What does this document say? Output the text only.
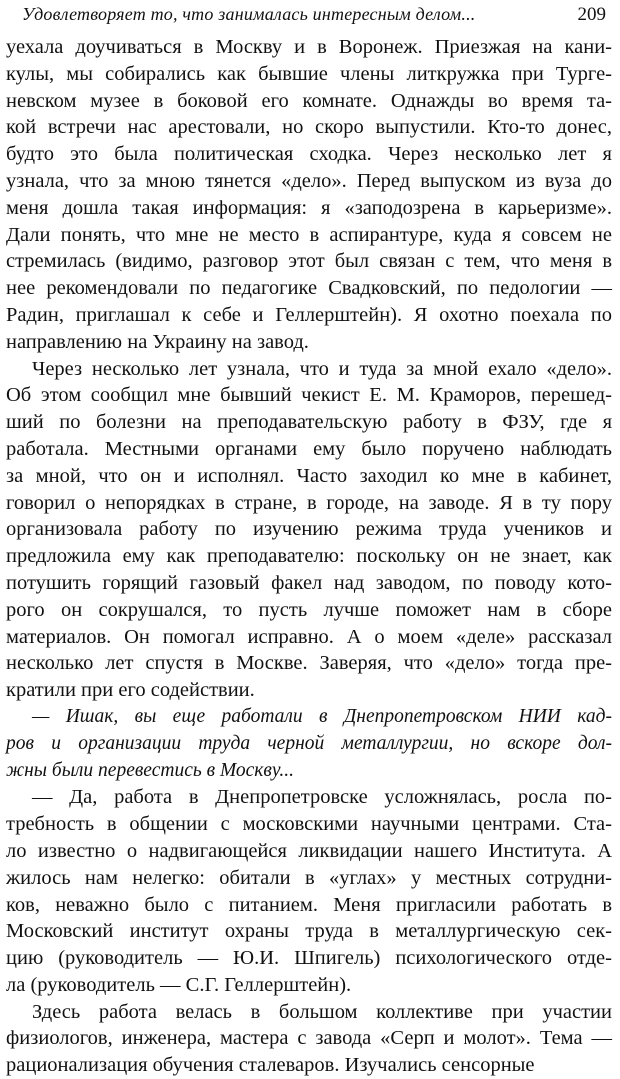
Удовлетворяет то, что занималась интересным делом...	209
уехала доучиваться в Москву и в Воронеж. Приезжая на кани-
кулы, мы собирались как бывшие члены литкружка при Турге-
невском музее в боковой его комнате. Однажды во время та-
кой встречи нас арестовали, но скоро выпустили. Кто-то донес,
будто это была политическая сходка. Через несколько лет я
узнала, что за мною тянется «дело». Перед выпуском из вуза до
меня дошла такая информация: я «заподозрена в карьеризме».
Дали понять, что мне не место в аспирантуре, куда я совсем не
стремилась (видимо, разговор этот был связан с тем, что меня в
нее рекомендовали по педагогике Свадковский, по педологии —
Радин, приглашал к себе и Геллерштейн). Я охотно поехала по
направлению на Украину на завод.
Через несколько лет узнала, что и туда за мной ехало «дело».
Об этом сообщил мне бывший чекист Е. М. Краморов, перешед-
ший по болезни на преподавательскую работу в ФЗУ, где я
работала. Местными органами ему было поручено наблюдать
за мной, что он и исполнял. Часто заходил ко мне в кабинет,
говорил о непорядках в стране, в городе, на заводе. Я в ту пору
организовала работу по изучению режима труда учеников и
предложила ему как преподавателю: поскольку он не знает, как
потушить горящий газовый факел над заводом, по поводу кото-
рого он сокрушался, то пусть лучше поможет нам в сборе
материалов. Он помогал исправно. А о моем «деле» рассказал
несколько лет спустя в Москве. Заверяя, что «дело» тогда пре-
кратили при его содействии.
— Ишак, вы еще работали в Днепропетровском НИИ кад-
ров и организации труда черной металлургии, но вскоре дол-
жны были перевестись в Москву...
— Да, работа в Днепропетровске усложнялась, росла по-
требность в общении с московскими научными центрами. Ста-
ло известно о надвигающейся ликвидации нашего Института. А
жилось нам нелегко: обитали в «углах» у местных сотрудни-
ков, неважно было с питанием. Меня пригласили работать в
Московский институт охраны труда в металлургическую сек-
цию (руководитель — Ю.И. Шпигель) психологического отде-
ла (руководитель — С.Г. Геллерштейн).
Здесь работа велась в большом коллективе при участии
физиологов, инженера, мастера с завода «Серп и молот». Тема —
рационализация обучения сталеваров. Изучались сенсорные
